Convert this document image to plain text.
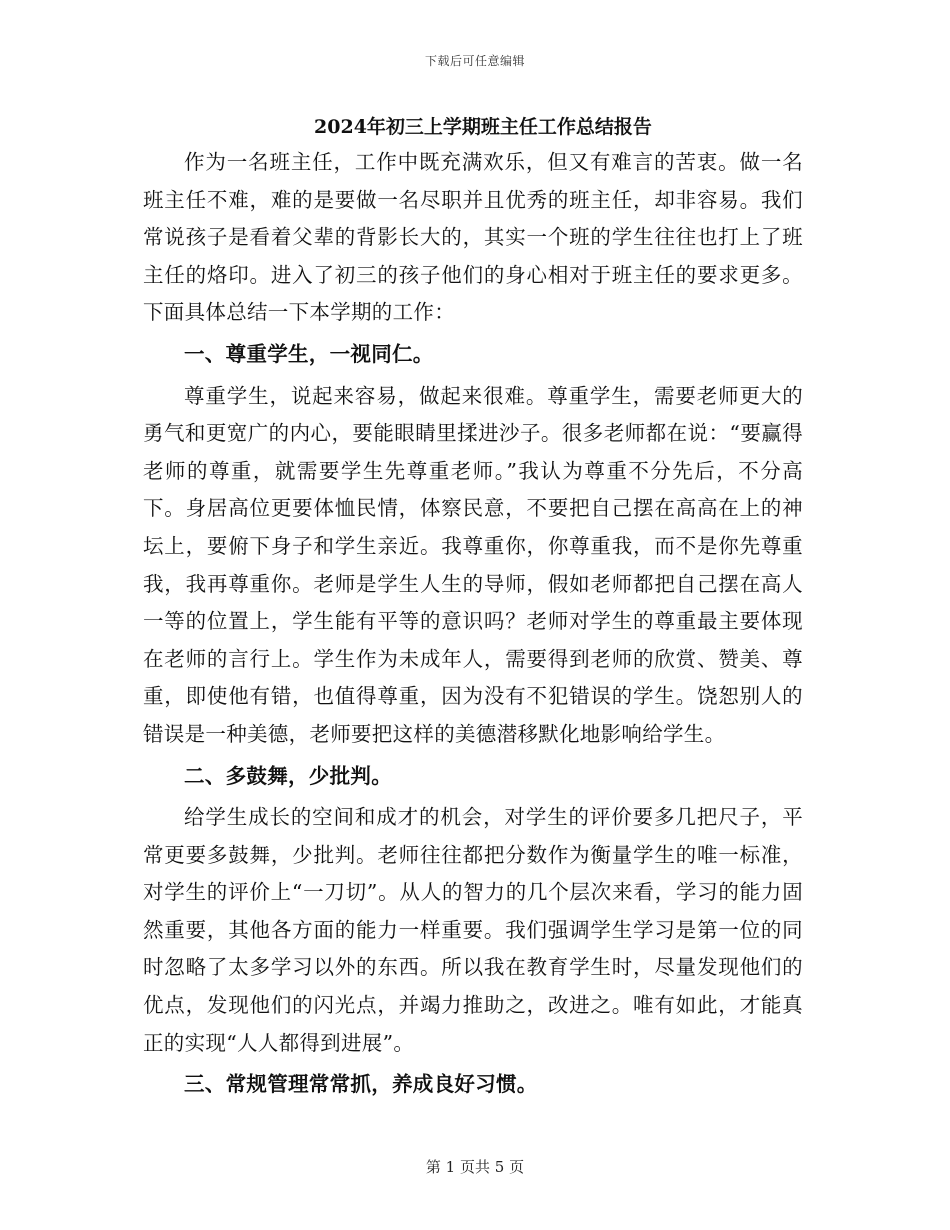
下载后可任意编辑
2024年初三上学期班主任工作总结报告

作为一名班主任，工作中既充满欢乐，但又有难言的苦衷。做一名班主任不难，难的是要做一名尽职并且优秀的班主任，却非容易。我们常说孩子是看着父辈的背影长大的，其实一个班的学生往往也打上了班主任的烙印。进入了初三的孩子他们的身心相对于班主任的要求更多。下面具体总结一下本学期的工作：

一、尊重学生，一视同仁。

尊重学生，说起来容易，做起来很难。尊重学生，需要老师更大的勇气和更宽广的内心，要能眼睛里揉进沙子。很多老师都在说：“要赢得老师的尊重，就需要学生先尊重老师。”我认为尊重不分先后，不分高下。身居高位更要体恤民情，体察民意，不要把自己摆在高高在上的神坛上，要俯下身子和学生亲近。我尊重你，你尊重我，而不是你先尊重我，我再尊重你。老师是学生人生的导师，假如老师都把自己摆在高人一等的位置上，学生能有平等的意识吗？老师对学生的尊重最主要体现在老师的言行上。学生作为未成年人，需要得到老师的欣赏、赞美、尊重，即使他有错，也值得尊重，因为没有不犯错误的学生。饶恕别人的错误是一种美德，老师要把这样的美德潜移默化地影响给学生。

二、多鼓舞，少批判。

给学生成长的空间和成才的机会，对学生的评价要多几把尺子，平常更要多鼓舞，少批判。老师往往都把分数作为衡量学生的唯一标准，对学生的评价上“一刀切”。从人的智力的几个层次来看，学习的能力固然重要，其他各方面的能力一样重要。我们强调学生学习是第一位的同时忽略了太多学习以外的东西。所以我在教育学生时，尽量发现他们的优点，发现他们的闪光点，并竭力推助之，改进之。唯有如此，才能真正的实现“人人都得到进展”。

三、常规管理常常抓，养成良好习惯。

第 1 页共 5 页
